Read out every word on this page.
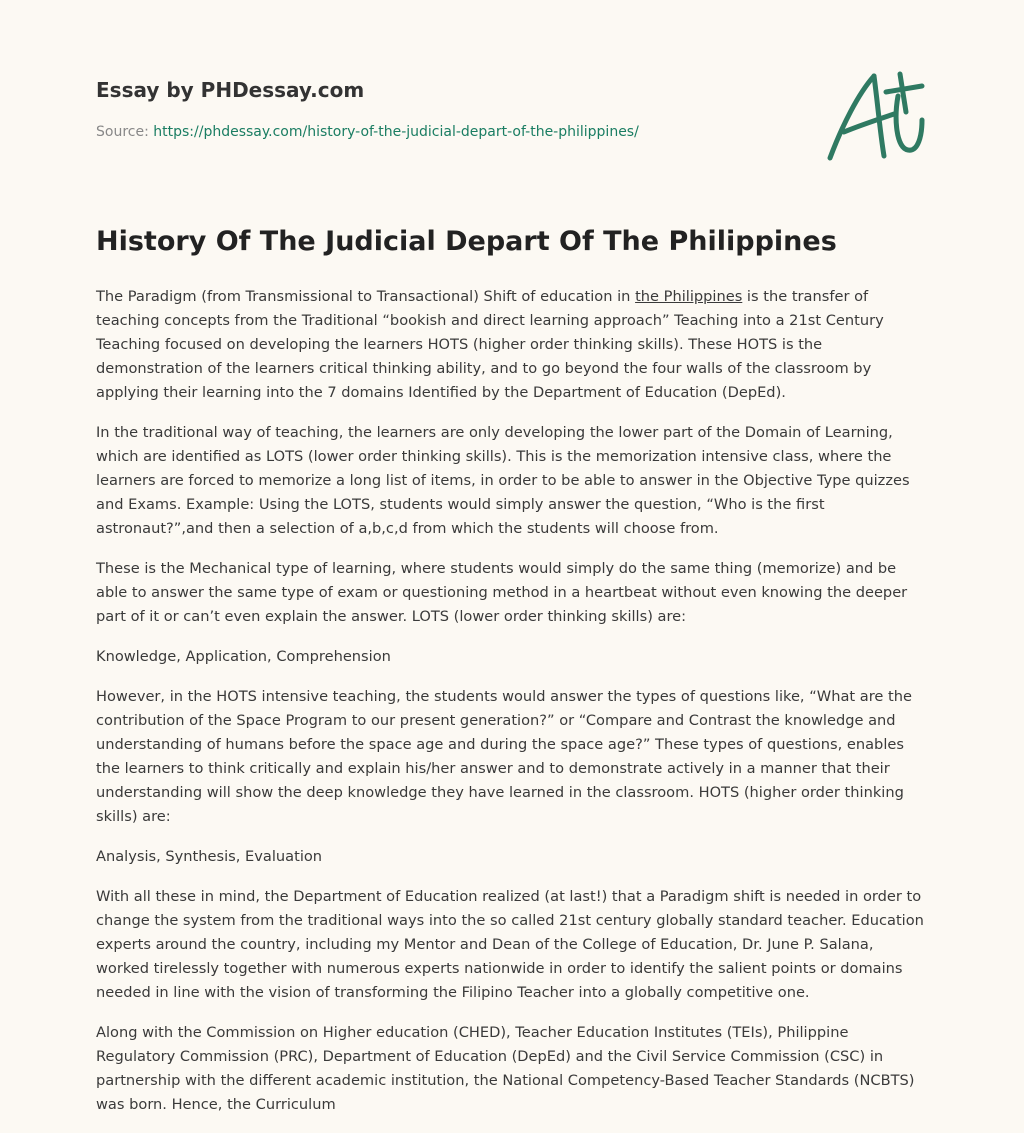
Essay by PHDessay.com
Source: https://phdessay.com/history-of-the-judicial-depart-of-the-philippines/
History Of The Judicial Depart Of The Philippines

The Paradigm (from Transmissional to Transactional) Shift of education in the Philippines is the transfer of teaching concepts from the Traditional “bookish and direct learning approach” Teaching into a 21st Century Teaching focused on developing the learners HOTS (higher order thinking skills). These HOTS is the demonstration of the learners critical thinking ability, and to go beyond the four walls of the classroom by applying their learning into the 7 domains Identified by the Department of Education (DepEd).

In the traditional way of teaching, the learners are only developing the lower part of the Domain of Learning, which are identified as LOTS (lower order thinking skills). This is the memorization intensive class, where the learners are forced to memorize a long list of items, in order to be able to answer in the Objective Type quizzes and Exams. Example: Using the LOTS, students would simply answer the question, “Who is the first astronaut?”,and then a selection of a,b,c,d from which the students will choose from.

These is the Mechanical type of learning, where students would simply do the same thing (memorize) and be able to answer the same type of exam or questioning method in a heartbeat without even knowing the deeper part of it or can’t even explain the answer. LOTS (lower order thinking skills) are:

Knowledge, Application, Comprehension

However, in the HOTS intensive teaching, the students would answer the types of questions like, “What are the contribution of the Space Program to our present generation?” or “Compare and Contrast the knowledge and understanding of humans before the space age and during the space age?” These types of questions, enables the learners to think critically and explain his/her answer and to demonstrate actively in a manner that their understanding will show the deep knowledge they have learned in the classroom. HOTS (higher order thinking skills) are:

Analysis, Synthesis, Evaluation

With all these in mind, the Department of Education realized (at last!) that a Paradigm shift is needed in order to change the system from the traditional ways into the so called 21st century globally standard teacher. Education experts around the country, including my Mentor and Dean of the College of Education, Dr. June P. Salana, worked tirelessly together with numerous experts nationwide in order to identify the salient points or domains needed in line with the vision of transforming the Filipino Teacher into a globally competitive one.

Along with the Commission on Higher education (CHED), Teacher Education Institutes (TEIs), Philippine Regulatory Commission (PRC), Department of Education (DepEd) and the Civil Service Commission (CSC) in partnership with the different academic institution, the National Competency-Based Teacher Standards (NCBTS) was born. Hence, the Curriculum
